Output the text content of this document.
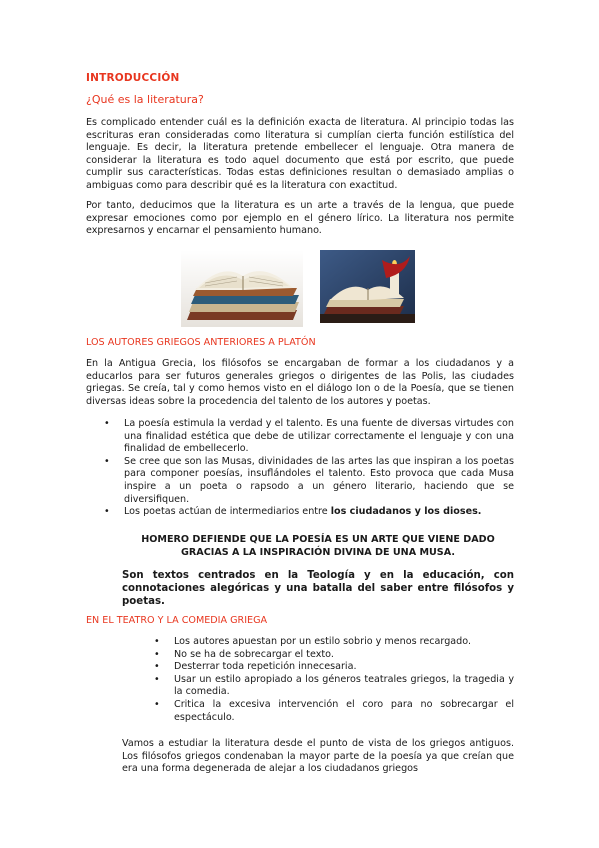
INTRODUCCIÓN
¿Qué es la literatura?
Es complicado entender cuál es la definición exacta de literatura. Al principio todas las escrituras eran consideradas como literatura si cumplían cierta función estilística del lenguaje. Es decir, la literatura pretende embellecer el lenguaje. Otra manera de considerar la literatura es todo aquel documento que está por escrito, que puede cumplir sus características. Todas estas definiciones resultan o demasiado amplias o ambiguas como para describir qué es la literatura con exactitud.
Por tanto, deducimos que la literatura es un arte a través de la lengua, que puede expresar emociones como por ejemplo en el género lírico. La literatura nos permite expresarnos y encarnar el pensamiento humano.
LOS AUTORES GRIEGOS ANTERIORES A PLATÓN
En la Antigua Grecia, los filósofos se encargaban de formar a los ciudadanos y a educarlos para ser futuros generales griegos o dirigentes de las Polis, las ciudades griegas. Se creía, tal y como hemos visto en el diálogo Ion o de la Poesía, que se tienen diversas ideas sobre la procedencia del talento de los autores y poetas.
• La poesía estimula la verdad y el talento. Es una fuente de diversas virtudes con una finalidad estética que debe de utilizar correctamente el lenguaje y con una finalidad de embellecerlo.
• Se cree que son las Musas, divinidades de las artes las que inspiran a los poetas para componer poesías, insuflándoles el talento. Esto provoca que cada Musa inspire a un poeta o rapsodo a un género literario, haciendo que se diversifiquen.
• Los poetas actúan de intermediarios entre los ciudadanos y los dioses.
HOMERO DEFIENDE QUE LA POESÍA ES UN ARTE QUE VIENE DADO GRACIAS A LA INSPIRACIÓN DIVINA DE UNA MUSA.
Son textos centrados en la Teología y en la educación, con connotaciones alegóricas y una batalla del saber entre filósofos y poetas.
EN EL TEATRO Y LA COMEDIA GRIEGA
• Los autores apuestan por un estilo sobrio y menos recargado.
• No se ha de sobrecargar el texto.
• Desterrar toda repetición innecesaria.
• Usar un estilo apropiado a los géneros teatrales griegos, la tragedia y la comedia.
• Critica la excesiva intervención el coro para no sobrecargar el espectáculo.
Vamos a estudiar la literatura desde el punto de vista de los griegos antiguos. Los filósofos griegos condenaban la mayor parte de la poesía ya que creían que era una forma degenerada de alejar a los ciudadanos griegos
